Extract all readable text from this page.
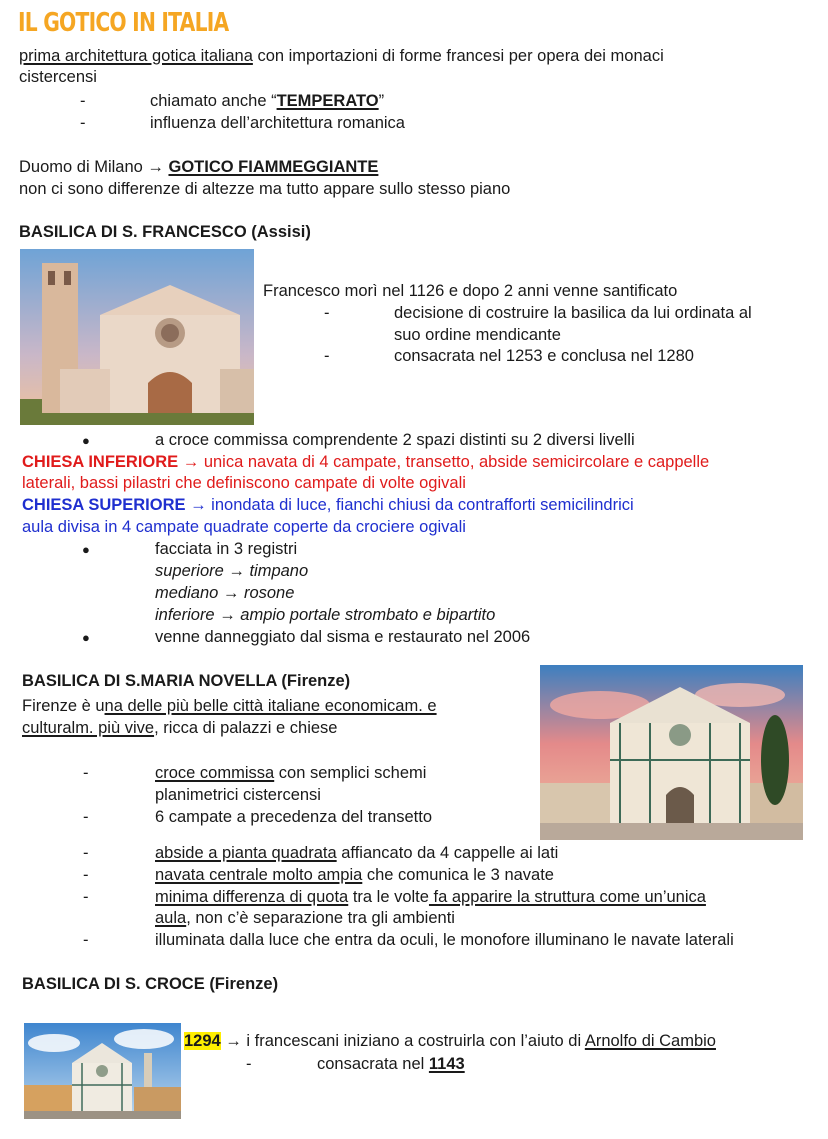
IL GOTICO IN ITALIA
prima architettura gotica italiana con importazioni di forme francesi per opera dei monaci
cistercensi
-	chiamato anche “TEMPERATO”
-	influenza dell’architettura romanica
Duomo di Milano → GOTICO FIAMMEGGIANTE
non ci sono differenze di altezze ma tutto appare sullo stesso piano
BASILICA DI S. FRANCESCO (Assisi)
Francesco morì nel 1126 e dopo 2 anni venne santificato
-	decisione di costruire la basilica da lui ordinata al
suo ordine mendicante
-	consacrata nel 1253 e conclusa nel 1280
●	a croce commissa comprendente 2 spazi distinti su 2 diversi livelli
CHIESA INFERIORE → unica navata di 4 campate, transetto, abside semicircolare e cappelle
laterali, bassi pilastri che definiscono campate di volte ogivali
CHIESA SUPERIORE → inondata di luce, fianchi chiusi da contrafforti semicilindrici
aula divisa in 4 campate quadrate coperte da crociere ogivali
●	facciata in 3 registri
superiore → timpano
mediano → rosone
inferiore → ampio portale strombato e bipartito
●	venne danneggiato dal sisma e restaurato nel 2006
BASILICA DI S.MARIA NOVELLA (Firenze)
Firenze è una delle più belle città italiane economicam. e
culturalm. più vive, ricca di palazzi e chiese
-	croce commissa con semplici schemi
planimetrici cistercensi
-	6 campate a precedenza del transetto
-	abside a pianta quadrata affiancato da 4 cappelle ai lati
-	navata centrale molto ampia che comunica le 3 navate
-	minima differenza di quota tra le volte fa apparire la struttura come un’unica
aula, non c’è separazione tra gli ambienti
-	illuminata dalla luce che entra da oculi, le monofore illuminano le navate laterali
BASILICA DI S. CROCE (Firenze)
1294 → i francescani iniziano a costruirla con l’aiuto di Arnolfo di Cambio
-	consacrata nel 1143
